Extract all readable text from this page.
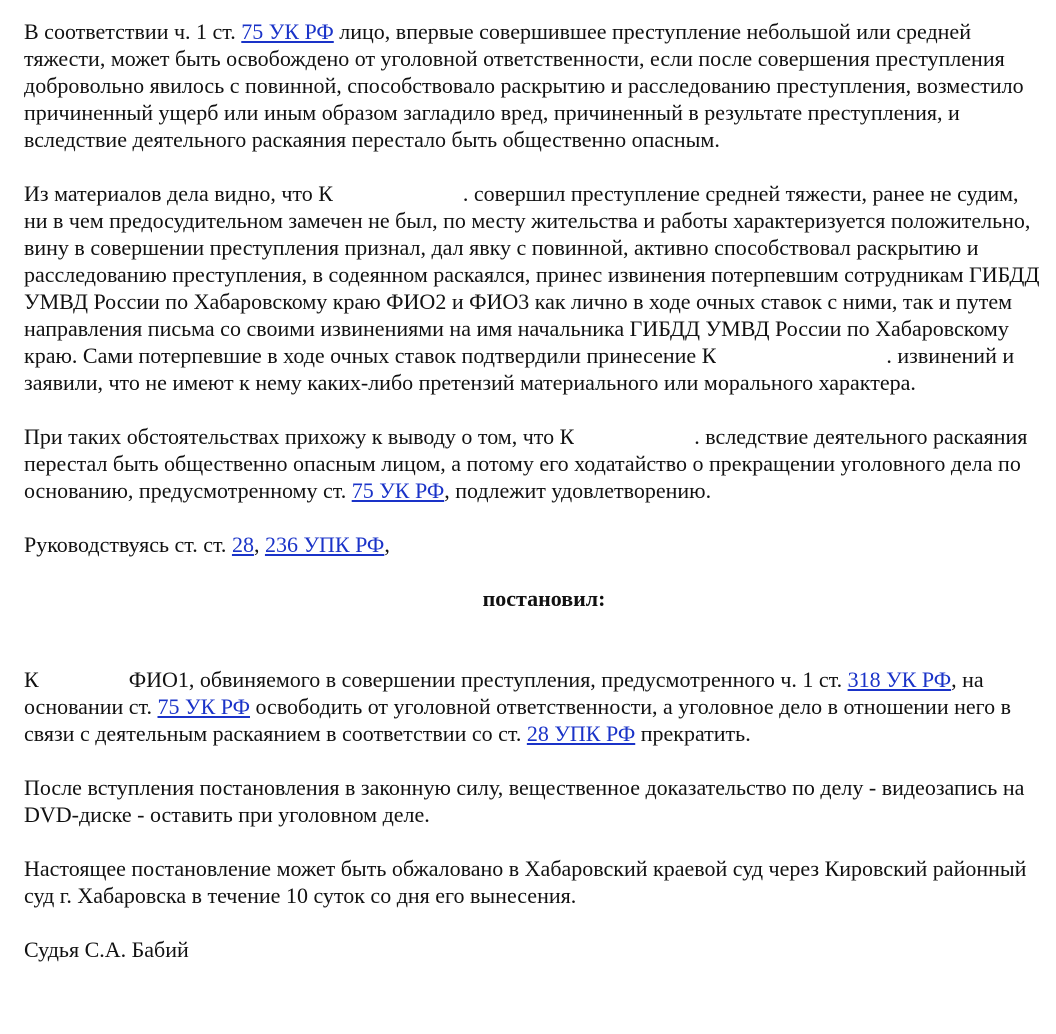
В соответствии ч. 1 ст. 75 УК РФ лицо, впервые совершившее преступление небольшой или средней тяжести, может быть освобождено от уголовной ответственности, если после совершения преступления добровольно явилось с повинной, способствовало раскрытию и расследованию преступления, возместило причиненный ущерб или иным образом загладило вред, причиненный в результате преступления, и вследствие деятельного раскаяния перестало быть общественно опасным.

Из материалов дела видно, что К	. совершил преступление средней тяжести, ранее не судим, ни в чем предосудительном замечен не был, по месту жительства и работы характеризуется положительно, вину в совершении преступления признал, дал явку с повинной, активно способствовал раскрытию и расследованию преступления, в содеянном раскаялся, принес извинения потерпевшим сотрудникам ГИБДД УМВД России по Хабаровскому краю ФИО2 и ФИО3 как лично в ходе очных ставок с ними, так и путем направления письма со своими извинениями на имя начальника ГИБДД УМВД России по Хабаровскому краю. Сами потерпевшие в ходе очных ставок подтвердили принесение К	. извинений и заявили, что не имеют к нему каких-либо претензий материального или морального характера.

При таких обстоятельствах прихожу к выводу о том, что К	. вследствие деятельного раскаяния перестал быть общественно опасным лицом, а потому его ходатайство о прекращении уголовного дела по основанию, предусмотренному ст. 75 УК РФ, подлежит удовлетворению.

Руководствуясь ст. ст. 28, 236 УПК РФ,

постановил:

К	ФИО1, обвиняемого в совершении преступления, предусмотренного ч. 1 ст. 318 УК РФ, на основании ст. 75 УК РФ освободить от уголовной ответственности, а уголовное дело в отношении него в связи с деятельным раскаянием в соответствии со ст. 28 УПК РФ прекратить.

После вступления постановления в законную силу, вещественное доказательство по делу - видеозапись на DVD-диске - оставить при уголовном деле.

Настоящее постановление может быть обжаловано в Хабаровский краевой суд через Кировский районный суд г. Хабаровска в течение 10 суток со дня его вынесения.

Судья С.А. Бабий
